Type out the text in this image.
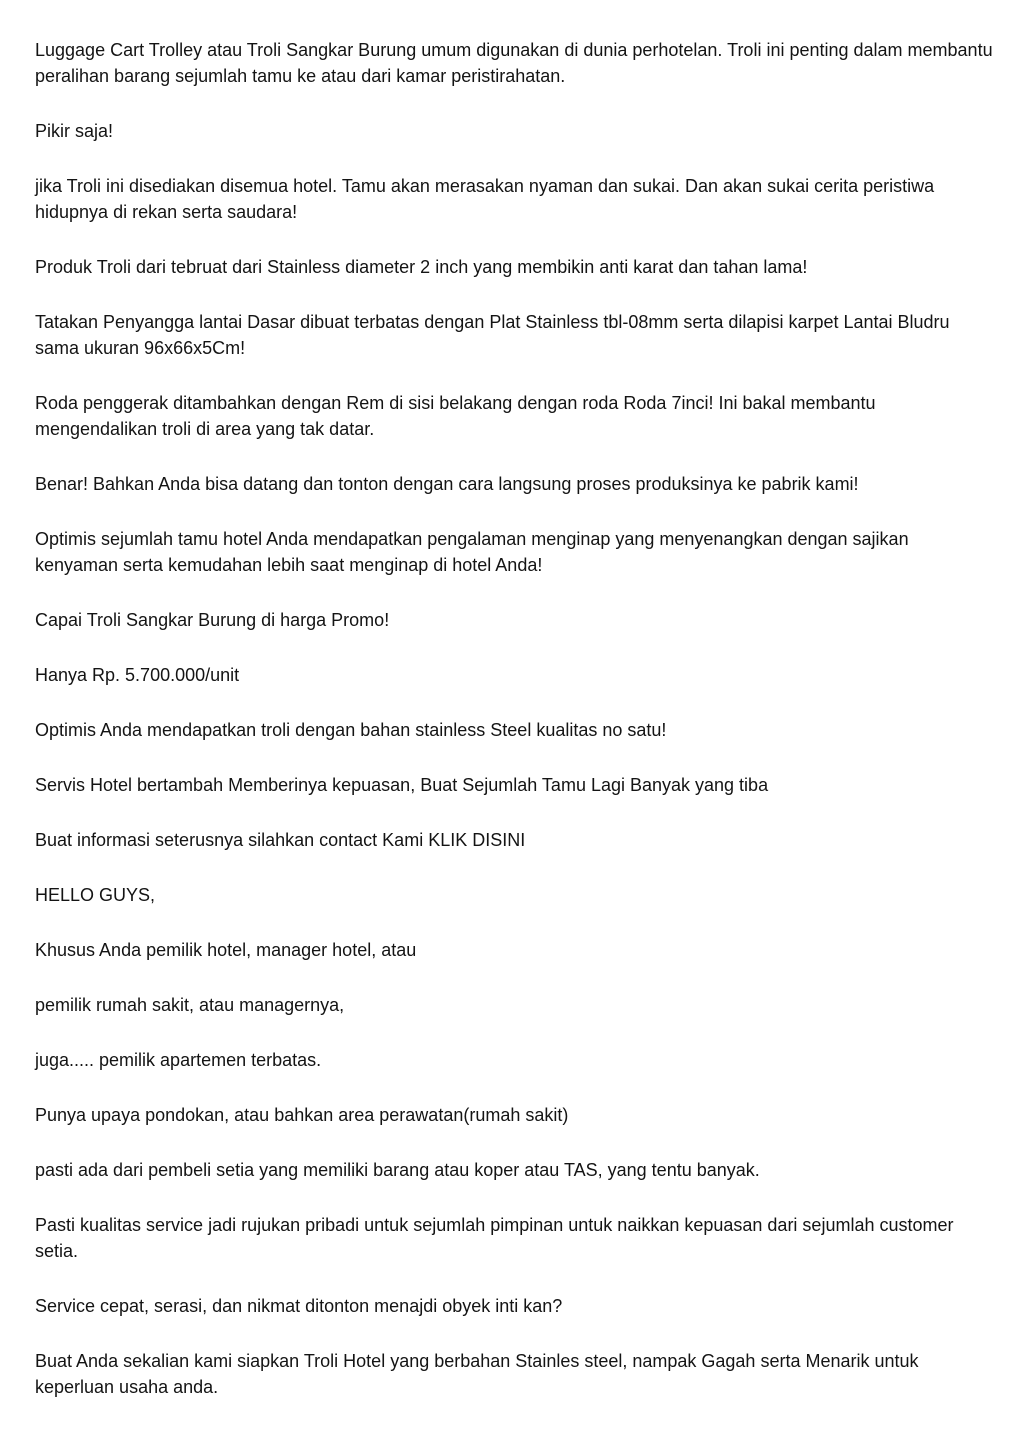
Luggage Cart Trolley atau Troli Sangkar Burung umum digunakan di dunia perhotelan. Troli ini penting dalam membantu peralihan barang sejumlah tamu ke atau dari kamar peristirahatan.

Pikir saja!

jika Troli ini disediakan disemua hotel. Tamu akan merasakan nyaman dan sukai. Dan akan sukai cerita peristiwa hidupnya di rekan serta saudara!

Produk Troli dari tebruat dari Stainless diameter 2 inch yang membikin anti karat dan tahan lama!

Tatakan Penyangga lantai Dasar dibuat terbatas dengan Plat Stainless tbl-08mm serta dilapisi karpet Lantai Bludru sama ukuran 96x66x5Cm!

Roda penggerak ditambahkan dengan Rem di sisi belakang dengan roda Roda 7inci! Ini bakal membantu mengendalikan troli di area yang tak datar.

Benar! Bahkan Anda bisa datang dan tonton dengan cara langsung proses produksinya ke pabrik kami!

Optimis sejumlah tamu hotel Anda mendapatkan pengalaman menginap yang menyenangkan dengan sajikan kenyaman serta kemudahan lebih saat menginap di hotel Anda!

Capai Troli Sangkar Burung di harga Promo!

Hanya Rp. 5.700.000/unit

Optimis Anda mendapatkan troli dengan bahan stainless Steel kualitas no satu!

Servis Hotel bertambah Memberinya kepuasan, Buat Sejumlah Tamu Lagi Banyak yang tiba

Buat informasi seterusnya silahkan contact Kami KLIK DISINI

HELLO GUYS,

Khusus Anda pemilik hotel, manager hotel, atau

pemilik rumah sakit, atau managernya,

juga..... pemilik apartemen terbatas.

Punya upaya pondokan, atau bahkan area perawatan(rumah sakit)

pasti ada dari pembeli setia yang memiliki barang atau koper atau TAS, yang tentu banyak.

Pasti kualitas service jadi rujukan pribadi untuk sejumlah pimpinan untuk naikkan kepuasan dari sejumlah customer setia.

Service cepat, serasi, dan nikmat ditonton menajdi obyek inti kan?

Buat Anda sekalian kami siapkan Troli Hotel yang berbahan Stainles steel, nampak Gagah serta Menarik untuk keperluan usaha anda.
